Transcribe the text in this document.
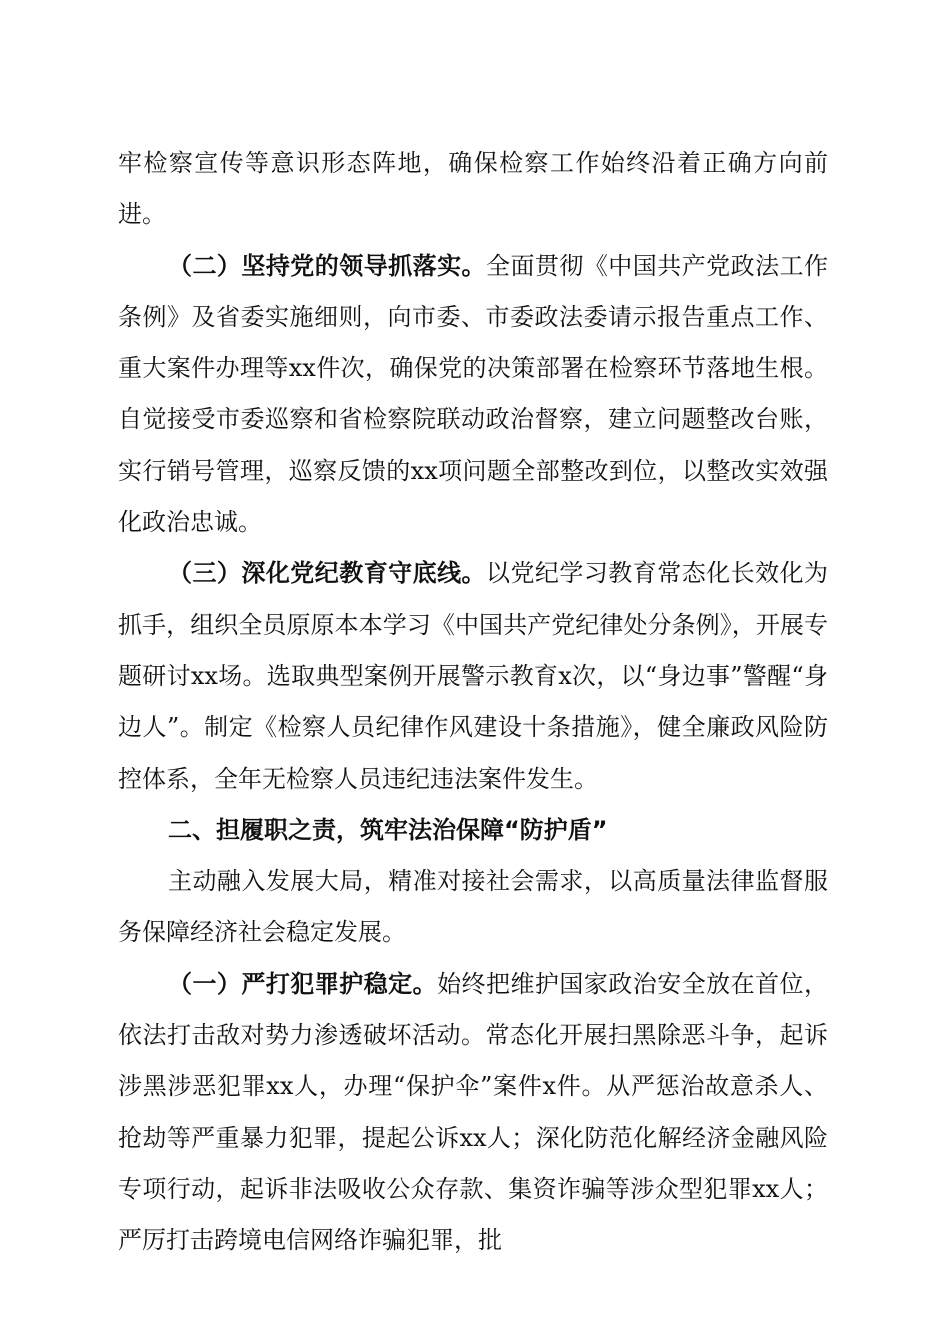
牢检察宣传等意识形态阵地，确保检察工作始终沿着正确方向前进。

（二）坚持党的领导抓落实。全面贯彻《中国共产党政法工作条例》及省委实施细则，向市委、市委政法委请示报告重点工作、重大案件办理等xx件次，确保党的决策部署在检察环节落地生根。自觉接受市委巡察和省检察院联动政治督察，建立问题整改台账，实行销号管理，巡察反馈的xx项问题全部整改到位，以整改实效强化政治忠诚。

（三）深化党纪教育守底线。以党纪学习教育常态化长效化为抓手，组织全员原原本本学习《中国共产党纪律处分条例》，开展专题研讨xx场。选取典型案例开展警示教育x次，以“身边事”警醒“身边人”。制定《检察人员纪律作风建设十条措施》，健全廉政风险防控体系，全年无检察人员违纪违法案件发生。

二、担履职之责，筑牢法治保障“防护盾”

主动融入发展大局，精准对接社会需求，以高质量法律监督服务保障经济社会稳定发展。

（一）严打犯罪护稳定。始终把维护国家政治安全放在首位，依法打击敌对势力渗透破坏活动。常态化开展扫黑除恶斗争，起诉涉黑涉恶犯罪xx人，办理“保护伞”案件x件。从严惩治故意杀人、抢劫等严重暴力犯罪，提起公诉xx人；深化防范化解经济金融风险专项行动，起诉非法吸收公众存款、集资诈骗等涉众型犯罪xx人；严厉打击跨境电信网络诈骗犯罪，批
